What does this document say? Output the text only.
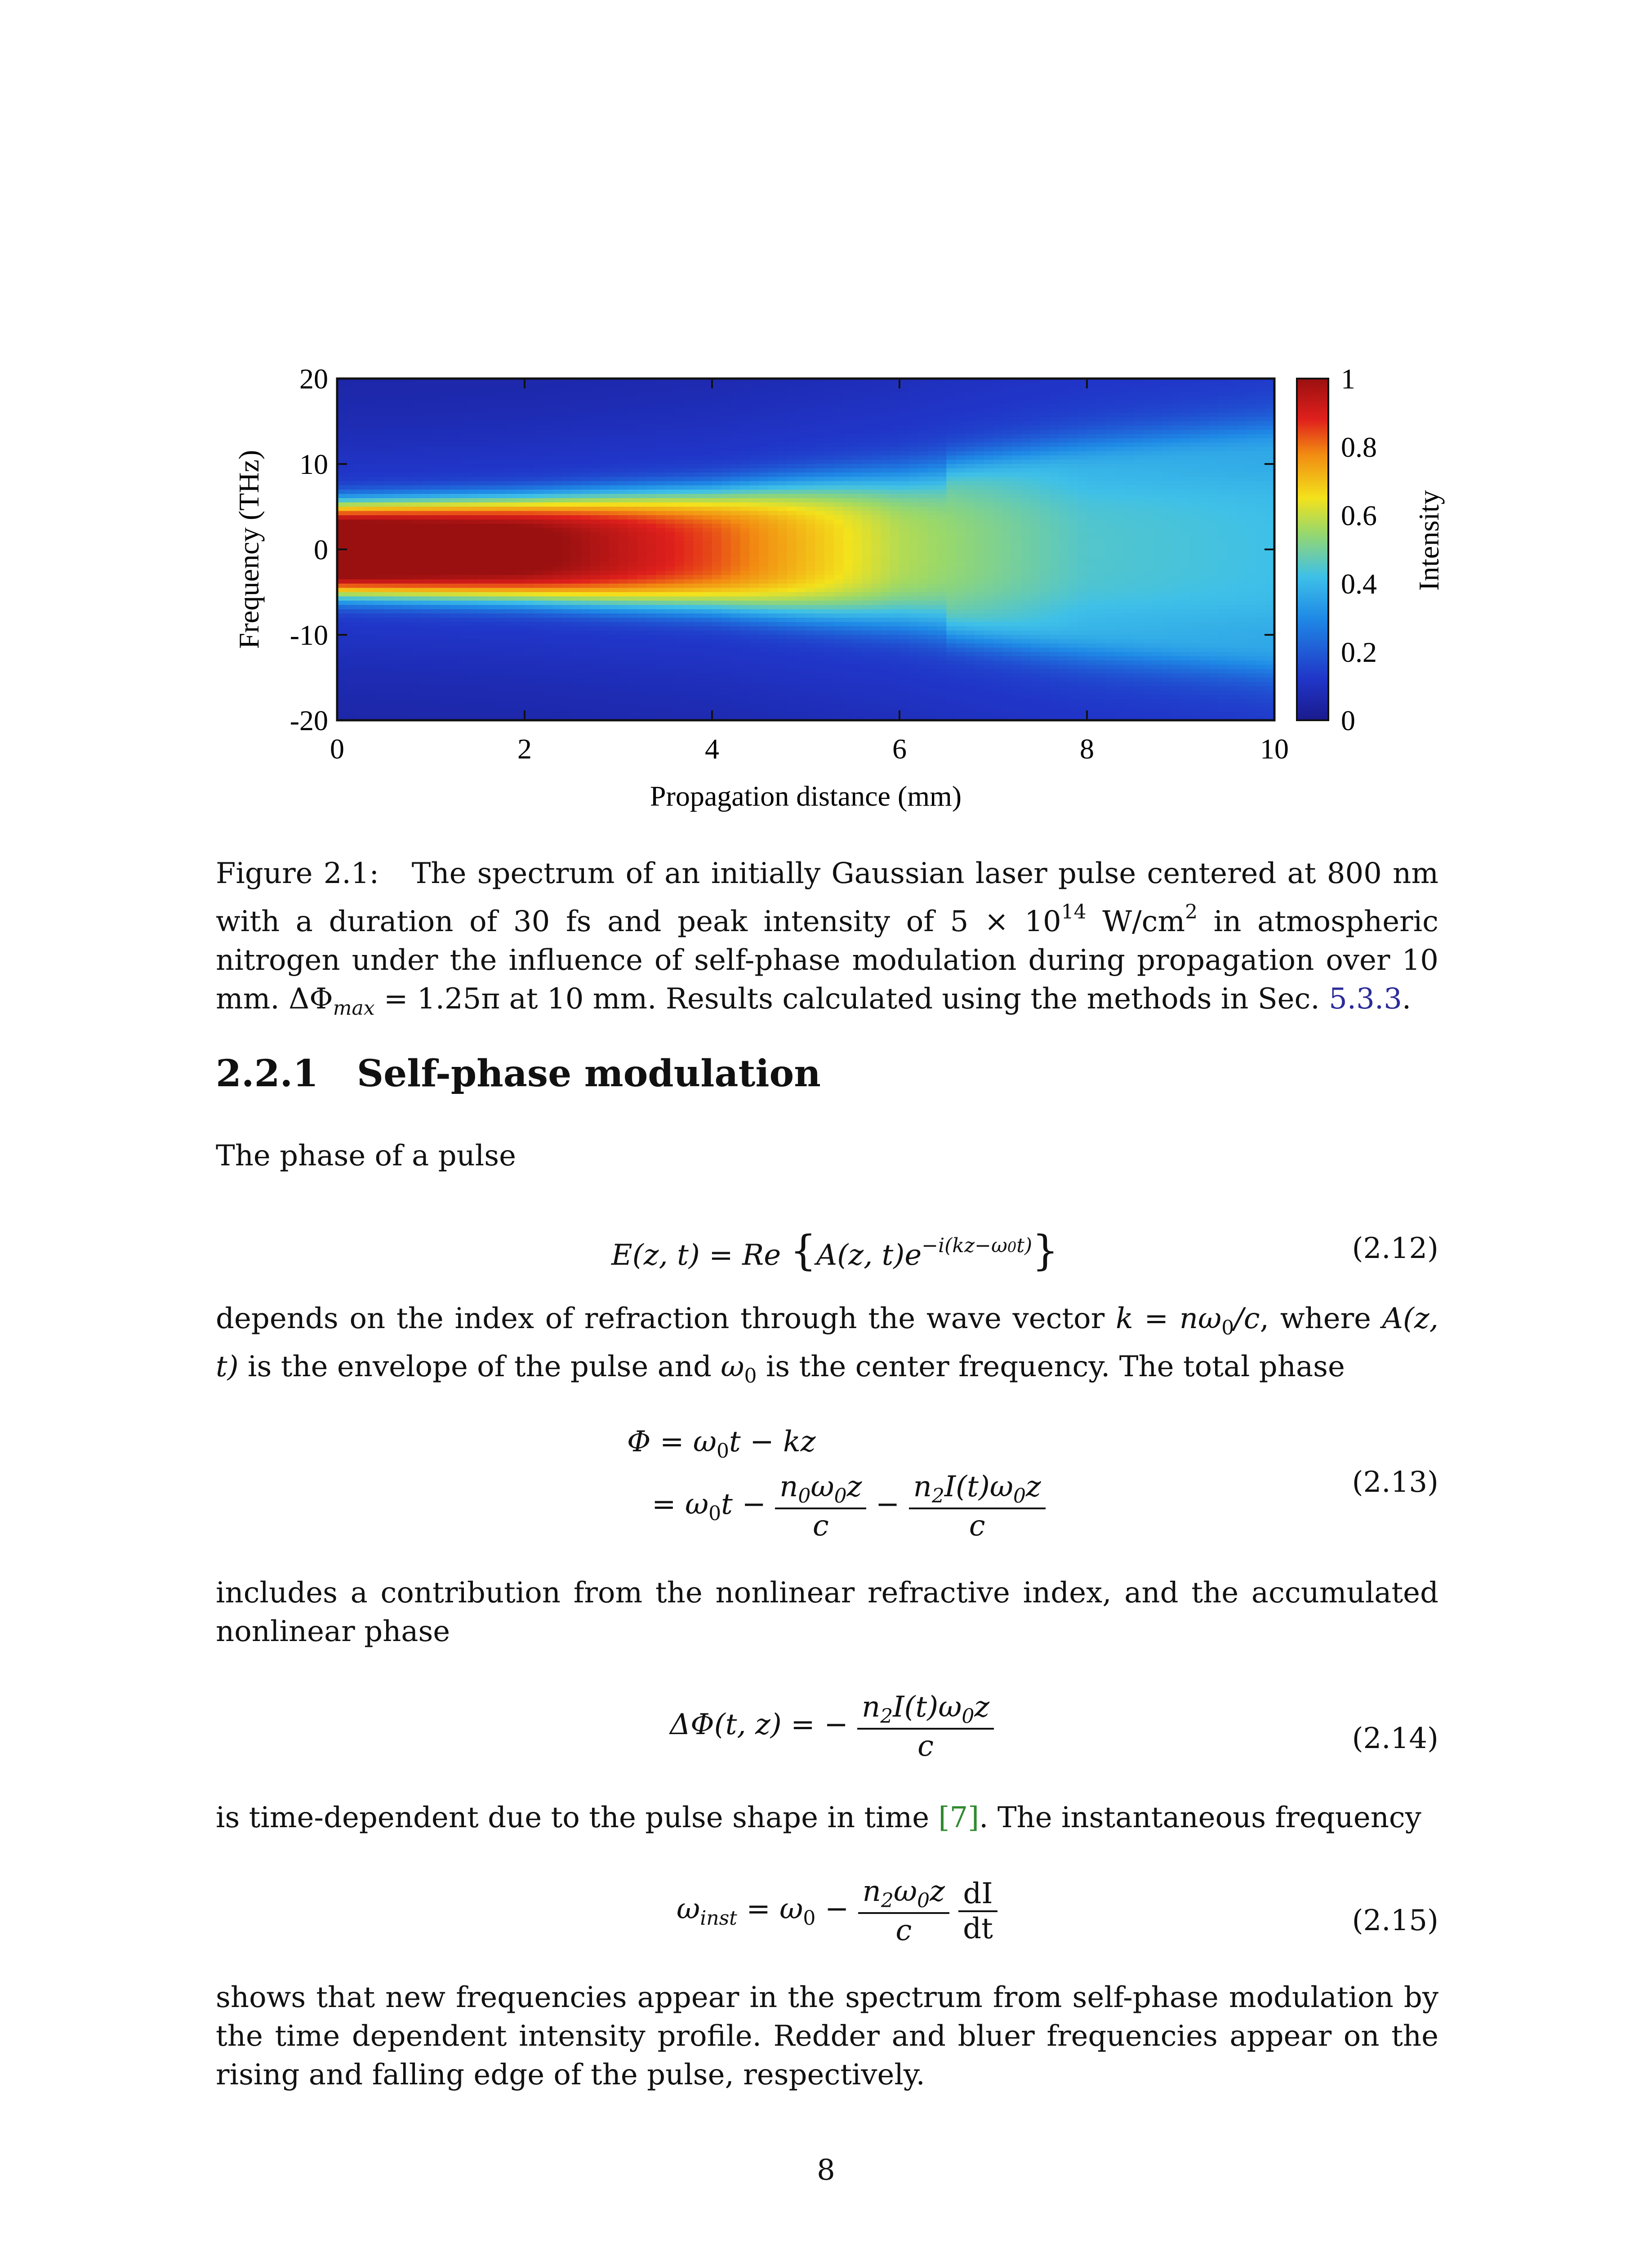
0	2	4	6	8	10
20
10
0
-10
-20
Propagation distance (mm)
Frequency (THz)
1
0.8
0.6
0.4
0.2
0
Intensity
Figure 2.1: The spectrum of an initially Gaussian laser pulse centered at 800 nm with a duration of 30 fs and peak intensity of $5 \times 10^{14}$ $W/cm^2$ in atmospheric nitrogen under the influence of self-phase modulation during propagation over 10 mm. $\Delta\Phi_{max} = 1.25\pi$ at 10 mm. Results calculated using the methods in Sec. 5.3.3.
2.2.1 Self-phase modulation
The phase of a pulse
E(z, t) = Re {A(z, $t)e^{-i(kz-\omega 0t)}$}	(2.12)
depends on the index of refraction through the wave vector $k = n\omega_0/c$, where A(z, t) is the envelope of the pulse and $\omega_0$ is the center frequency. The total phase
$\Phi = \omega_0t$ − kz
= $\omega_0t - \frac{n_0\omega_0z}{c} - \frac{n_2I(t)\omega_0z}{c}$	(2.13)
includes a contribution from the nonlinear refractive index, and the accumulated nonlinear phase
ΔΦ(t, z) = − $\frac{n_2I(t)\omega_0z}{c}$	(2.14)
is time-dependent due to the pulse shape in time [7]. The instantaneous frequency
$\omega_{inst} = \omega_0 - \frac{n_2\omega_0z}{c}$
$\frac{dI}{dt}$	(2.15)
shows that new frequencies appear in the spectrum from self-phase modulation by the time dependent intensity profile. Redder and bluer frequencies appear on the rising and falling edge of the pulse, respectively.
8
